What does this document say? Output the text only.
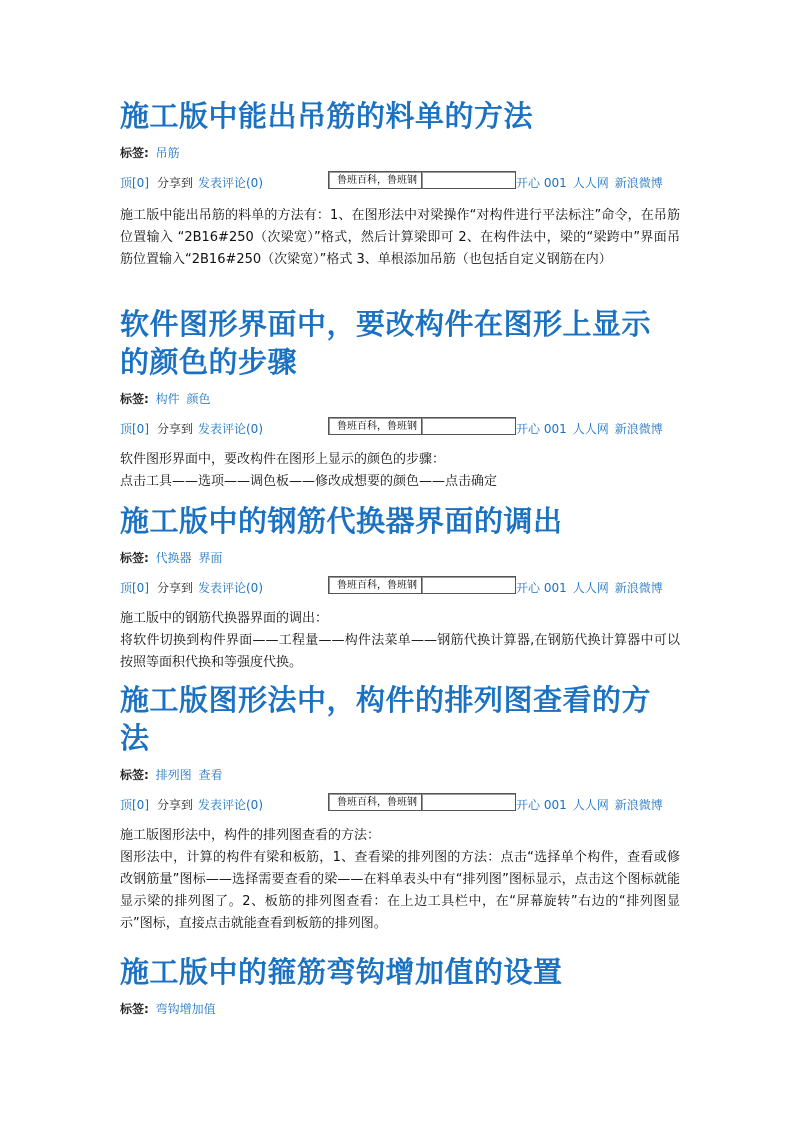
施工版中能出吊筋的料单的方法
标签: 吊筋
顶[0] 分享到 发表评论(0)	鲁班百科，鲁班钢	开心 001 人人网 新浪微博

施工版中能出吊筋的料单的方法有：1、在图形法中对梁操作“对构件进行平法标注”命令，在吊筋位置输入 “2B16#250（次梁宽）”格式，然后计算梁即可 2、在构件法中，梁的“梁跨中”界面吊筋位置输入“2B16#250（次梁宽）”格式 3、单根添加吊筋（也包括自定义钢筋在内）

软件图形界面中，要改构件在图形上显示
的颜色的步骤
标签: 构件 颜色
顶[0] 分享到 发表评论(0)	鲁班百科，鲁班钢	开心 001 人人网 新浪微博

软件图形界面中，要改构件在图形上显示的颜色的步骤：

点击工具——选项——调色板——修改成想要的颜色——点击确定

施工版中的钢筋代换器界面的调出
标签: 代换器 界面
顶[0] 分享到 发表评论(0)	鲁班百科，鲁班钢	开心 001 人人网 新浪微博

施工版中的钢筋代换器界面的调出：

将软件切换到构件界面——工程量——构件法菜单——钢筋代换计算器,在钢筋代换计算器中可以按照等面积代换和等强度代换。

施工版图形法中，构件的排列图查看的方
法
标签: 排列图 查看
顶[0] 分享到 发表评论(0)	鲁班百科，鲁班钢	开心 001 人人网 新浪微博

施工版图形法中，构件的排列图查看的方法：

图形法中，计算的构件有梁和板筋，1、查看梁的排列图的方法：点击“选择单个构件，查看或修改钢筋量”图标——选择需要查看的梁——在料单表头中有“排列图”图标显示，点击这个图标就能显示梁的排列图了。2、板筋的排列图查看：在上边工具栏中，在“屏幕旋转”右边的“排列图显示”图标，直接点击就能查看到板筋的排列图。

施工版中的箍筋弯钩增加值的设置
标签: 弯钩增加值
